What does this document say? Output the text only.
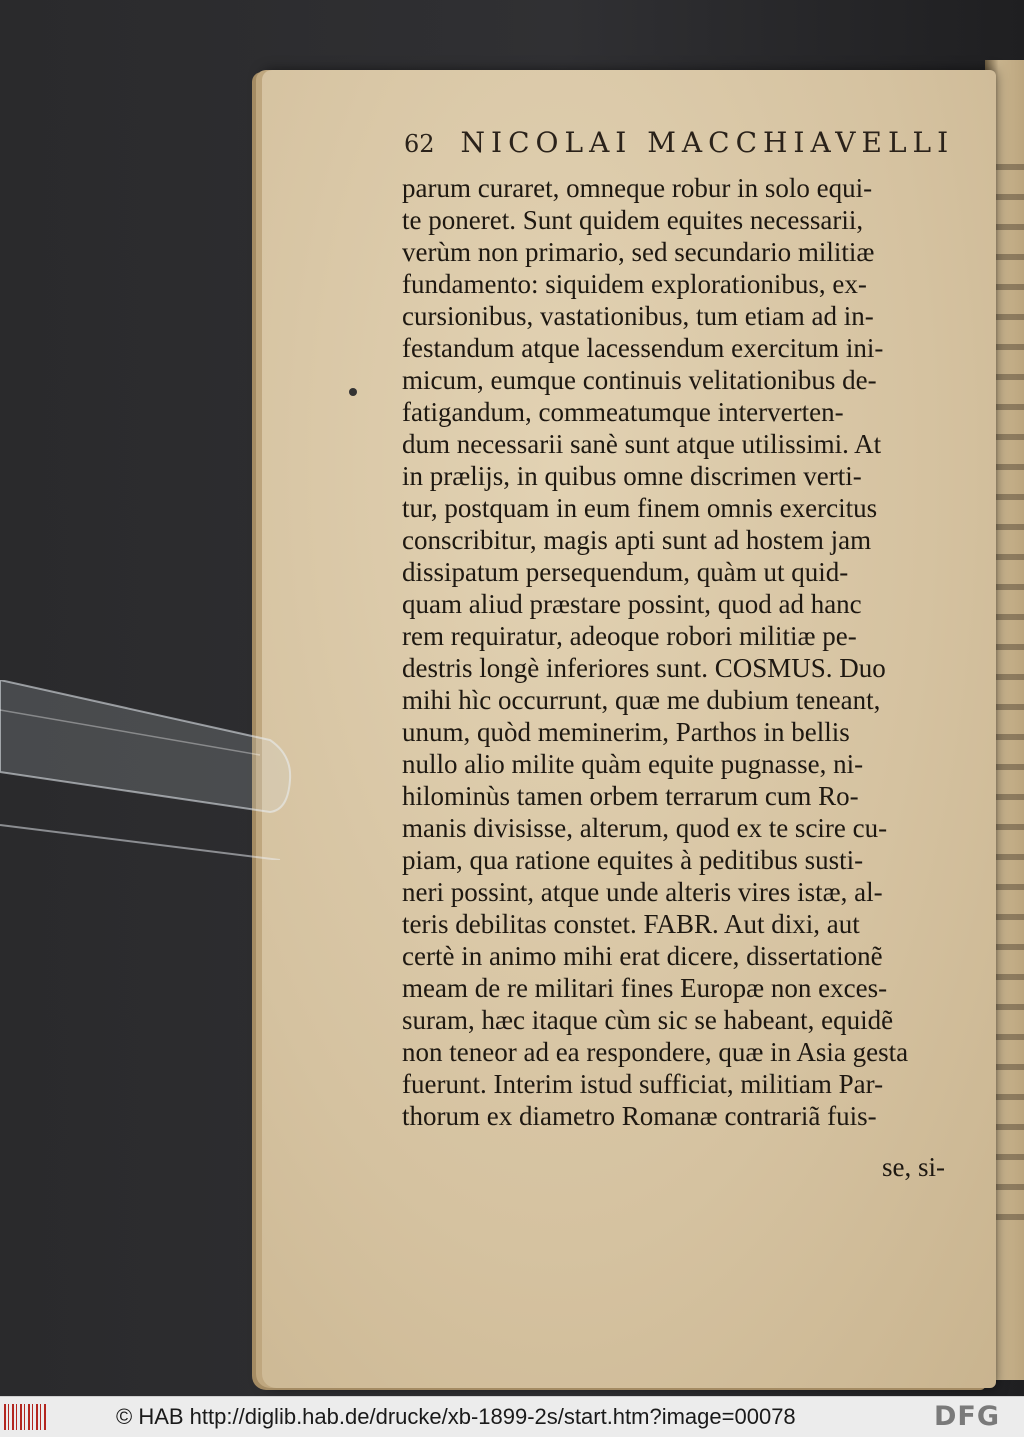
62 NICOLAI MACCHIAVELLI
parum curaret, omneque robur in solo equi-
te poneret. Sunt quidem equites necessarii,
verùm non primario, sed secundario militiæ
fundamento: siquidem explorationibus, ex-
cursionibus, vastationibus, tum etiam ad in-
festandum atque lacessendum exercitum ini-
micum, eumque continuis velitationibus de-
fatigandum, commeatumque interverten-
dum necessarii sanè sunt atque utilissimi. At
in prælijs, in quibus omne discrimen verti-
tur, postquam in eum finem omnis exercitus
conscribitur, magis apti sunt ad hostem jam
dissipatum persequendum, quàm ut quid-
quam aliud præstare possint, quod ad hanc
rem requiratur, adeoque robori militiæ pe-
destris longè inferiores sunt. COSMUS. Duo
mihi hìc occurrunt, quæ me dubium teneant,
unum, quòd meminerim, Parthos in bellis
nullo alio milite quàm equite pugnasse, ni-
hilominùs tamen orbem terrarum cum Ro-
manis divisisse, alterum, quod ex te scire cu-
piam, qua ratione equites à peditibus susti-
neri possint, atque unde alteris vires istæ, al-
teris debilitas constet. FABR. Aut dixi, aut
certè in animo mihi erat dicere, dissertationẽ
meam de re militari fines Europæ non exces-
suram, hæc itaque cùm sic se habeant, equidẽ
non teneor ad ea respondere, quæ in Asia gesta
fuerunt. Interim istud sufficiat, militiam Par-
thorum ex diametro Romanæ contrariã fuis-
se, si-
© HAB http://diglib.hab.de/drucke/xb-1899-2s/start.htm?image=00078	DFG
